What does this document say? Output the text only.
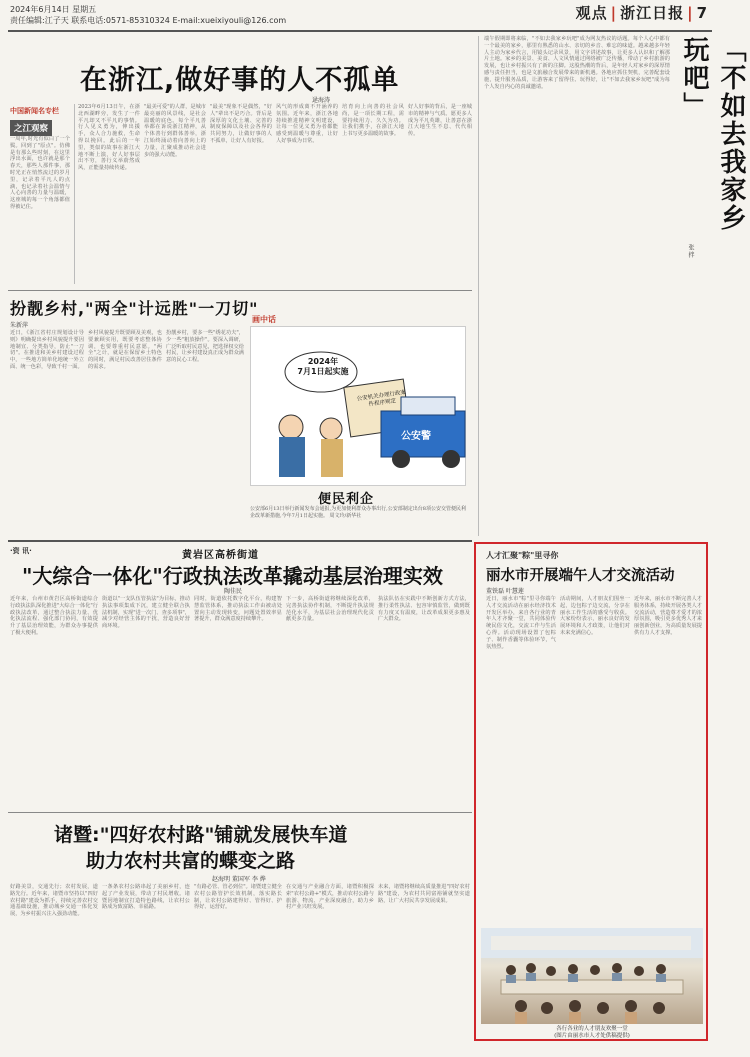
2024年6月14日 星期五
责任编辑:江子天 联系电话:0571-85310324 E-mail:xueixiyouli@126.com	观点 | 浙江日报 | 7
在浙江,做好事的人不孤单
逯海涛
中国新闻名专栏
之江观察
一周年,时光有似白了一个鬓。回到了"原点"。仿佛是有那么些时刻，在这里浮出水面，也许就是那个春天，那些人那件事，那时光正在悄然流过的岁月里，记录着平凡人的点滴，也记录着社会温情与人心向善的力量与温暖，这座城的每一个角落都值得被记住。
2023年6月13日午，在浙北西湖畔旁，发生了一件平凡却又不平凡的事情。行人见义勇为，伸出援手，众人合力施救，生命得以挽回。此后的一年里，类似的故事在浙江大地不断上演，好人好事层出不穷，善行义举蔚然成风，正能量持续传递。
"最美可爱"的人群，是城市最亮丽的风景线，是社会温暖的底色。每个平凡善举都在诉说浙江精神，从个体善行到群体善举，浙江始终涌动着向善向上的力量，汇聚成推动社会进步的强大动能。
"最美"现象不是偶然，"好人"辈出不是巧合。背后是深厚的文化土壤、完善的制度保障以及社会各界的共同努力，让做好事的人不孤单，让好人有好报。
风气的形成离不开涵养的氛围。近年来，浙江各地持续推进精神文明建设，让每一位见义勇为者都能感受到温暖与尊重，让好人好事成为日常。
培育向上向善的社会风尚，是一项长期工程，需要持续用力、久久为功。让我们携手，在浙江大地上书写更多温暖的故事。
好人好事的背后，是一座城市的精神与气质。愿更多人成为平凡英雄，让善意在浙江大地生生不息、代代相传。
端午假期即将来临，"不如去我家乡玩吧"成为网友热议的话题。每个人心中都有一个最美的家乡，那里有熟悉的山水、亲切的乡音、难忘的味道。越来越多年轻人主动为家乡代言，用镜头记录风景，用文字讲述故事，让更多人认识和了解那片土地。家乡的美景、美食、人文风情通过网络被广泛传播，带动了乡村旅游的发展，也让乡村振兴有了新的注脚。这股热潮的背后，是年轻人对家乡的深厚情感与责任担当，也是文旅融合发展带来的新机遇。各地应抓住契机，完善配套设施，提升服务品质，让游客来了留得住、玩得好，让"不如去我家乡玩吧"成为每个人发自内心的真诚邀请。	「不如去我家乡玩吧」
张 拌
扮靓乡村,"两全"计远胜"一刀切"
朱新萍
近日，《浙江省村庄规划设计导则》明确提出乡村风貌提升要因地制宜、分类指导，防止"一刀切"。在推进和美乡村建设过程中，一些地方简单化地统一外立面、统一色彩，导致千村一面。
乡村风貌提升既要顾及美观，也要兼顾实用，既要考虑整体协调，也要尊重村民意愿。"两全"之计，就是在保留乡土特色的同时，满足村民改善居住条件的需求。
扮靓乡村，要多一些"绣花功夫"，少一些"粗放操作"。要深入调研，广泛听取村民意见，把选择权交给村民，让乡村建设真正成为群众满意的民心工程。
画中话
2024年
7月1日起实施
公安机关办理行政案件程序规定
公安警
便民利企
公安部6月13日举行新闻发布会通报,为更加便利群众办事出行,公安部制定出台8项公安交管便民利企改革新措施,今年7月1日起实施。 周文玲/新华社
·资 讯·	黄岩区高桥街道
"大综合一体化"行政执法改革撬动基层治理实效
陶佳民
近年来，台州市黄岩区高桥街道综合行政执法队深化推进"大综合一体化"行政执法改革，通过整合执法力量、优化执法流程、强化部门协同，有效提升了基层治理效能，为群众办事提供了极大便利。
街道以"一支队伍管执法"为目标，推动执法事项集成下沉，建立健全联合执法机制，实现"进一次门、查多项事"，减少对经营主体的干扰，营造良好营商环境。
同时，街道依托数字化平台，构建智慧监管体系，推动执法工作由被动处置向主动发现转变，问题处置效率显著提升，群众满意度持续攀升。
下一步，高桥街道将继续深化改革，完善执法协作机制，不断提升执法规范化水平，为基层社会治理现代化贡献更多力量。
执法队伍在实践中不断创新方式方法，推行柔性执法、包容审慎监管，做到既有力度又有温度，让改革成果更多惠及广大群众。
诸暨:"四好农村路"铺就发展快车道
助力农村共富的蝶变之路
赵海明 董国军 李 烨
好路美景，交通先行；农村发展，道路先行。近年来，诸暨市坚持以"四好农村路"建设为抓手，持续完善农村交通基础设施，推动城乡交通一体化发展，为乡村振兴注入强劲动能。
一条条农村公路串起了美丽乡村，连起了产业发展，带动了村民增收。诸暨因地制宜打造特色路线，让农村公路成为致富路、幸福路。
"有路必管、管必到位"。诸暨建立健全农村公路管护长效机制，落实路长制，让农村公路建得好、管得好、护得好、运营好。
在交通与产业融合方面，诸暨积极探索"农村公路+"模式，推动农村公路与旅游、物流、产业深度融合，助力乡村产业兴旺发展。
未来，诸暨将继续高质量推进"四好农村路"建设，为农村共同富裕铺就坚实道路，让广大村民共享发展成果。
人才汇聚"粽"里寻你
丽水市开展端午人才交流活动
董铁磊 叶慧莲
近日，丽水市"粽"里寻你端午人才交流活动在丽水经济技术开发区举办，来自各行业的青年人才齐聚一堂，共同体验传统民俗文化，交流工作与生活心得。活动现场设置了包粽子、制作香囊等体验环节，气氛热烈。
活动期间，人才朋友们围坐一起，边包粽子边交流，分享在丽水工作生活的感受与收获。大家纷纷表示，丽水良好的发展环境和人才政策，让他们对未来充满信心。
近年来，丽水市不断完善人才服务体系，持续开展各类人才交流活动，营造尊才爱才的浓厚氛围，吸引更多优秀人才来丽创新创业，为高质量发展提供有力人才支撑。
各行各业的人才朋友欢聚一堂
(图片由丽水市人才处供稿提供)
